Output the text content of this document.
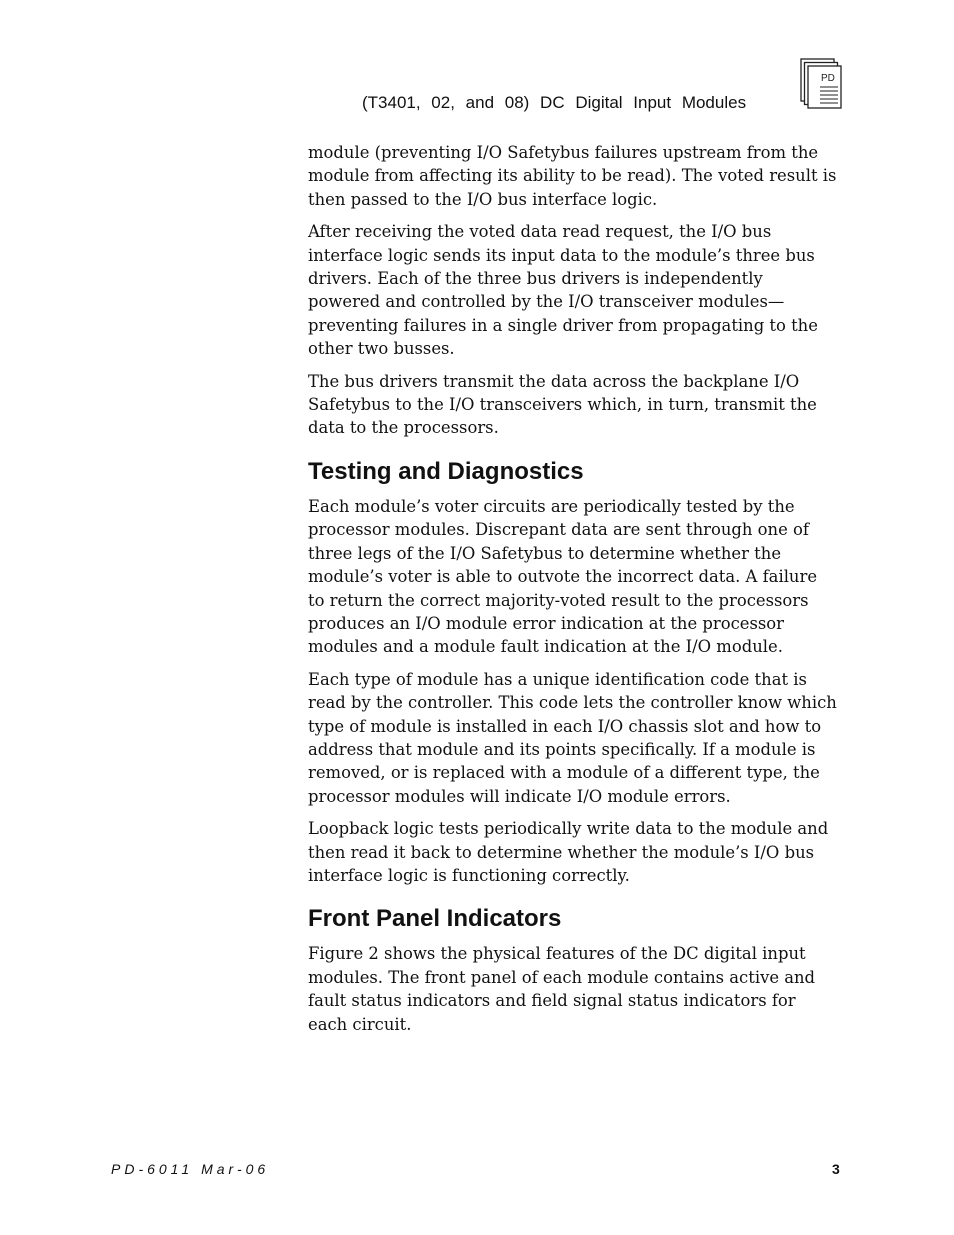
(T3401, 02, and 08) DC Digital Input Modules
PD

module (preventing I/O Safetybus failures upstream from the module from affecting its ability to be read). The voted result is then passed to the I/O bus interface logic.

After receiving the voted data read request, the I/O bus interface logic sends its input data to the module’s three bus drivers. Each of the three bus drivers is independently powered and controlled by the I/O transceiver modules—preventing failures in a single driver from propagating to the other two busses.

The bus drivers transmit the data across the backplane I/O Safetybus to the I/O transceivers which, in turn, transmit the data to the processors.

Testing and Diagnostics

Each module’s voter circuits are periodically tested by the processor modules. Discrepant data are sent through one of three legs of the I/O Safetybus to determine whether the module’s voter is able to outvote the incorrect data. A failure to return the correct majority-voted result to the processors produces an I/O module error indication at the processor modules and a module fault indication at the I/O module.

Each type of module has a unique identification code that is read by the controller. This code lets the controller know which type of module is installed in each I/O chassis slot and how to address that module and its points specifically. If a module is removed, or is replaced with a module of a different type, the processor modules will indicate I/O module errors.

Loopback logic tests periodically write data to the module and then read it back to determine whether the module’s I/O bus interface logic is functioning correctly.

Front Panel Indicators

Figure 2 shows the physical features of the DC digital input modules. The front panel of each module contains active and fault status indicators and field signal status indicators for each circuit.

PD-6011 Mar-06	3
